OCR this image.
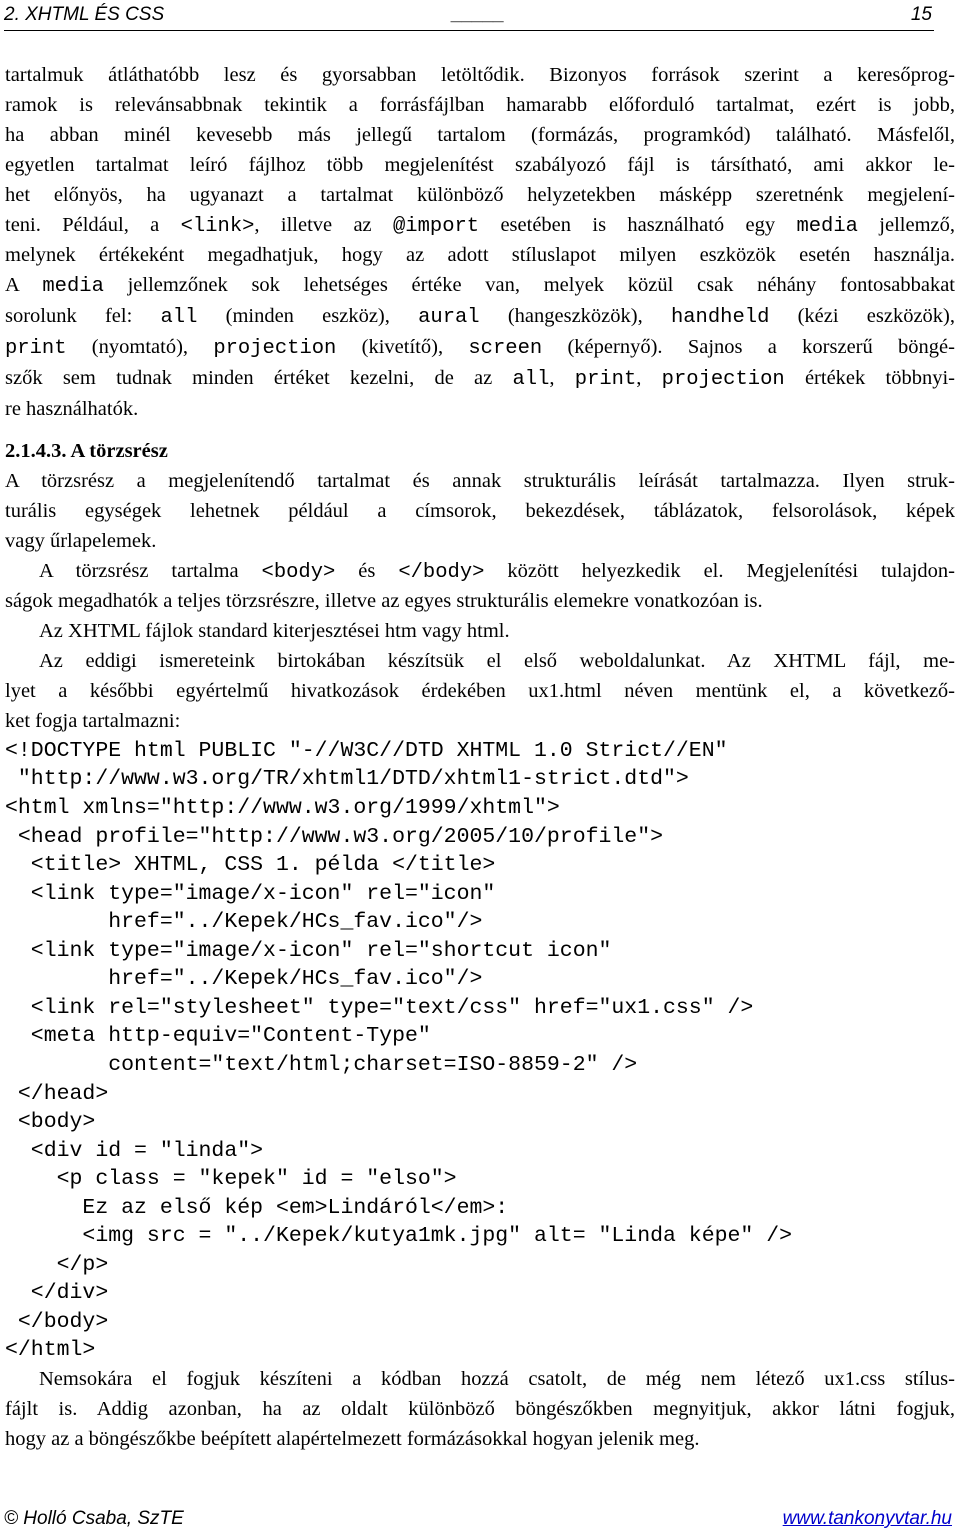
2. XHTML ÉS CSS	_____	15
tartalmuk átláthatóbb lesz és gyorsabban letöltődik. Bizonyos források szerint a keresőprog-
ramok is relevánsabbnak tekintik a forrásfájlban hamarabb előforduló tartalmat, ezért is jobb,
ha abban minél kevesebb más jellegű tartalom (formázás, programkód) található. Másfelől,
egyetlen tartalmat leíró fájlhoz több megjelenítést szabályozó fájl is társítható, ami akkor le-
het előnyös, ha ugyanazt a tartalmat különböző helyzetekben másképp szeretnénk megjelení-
teni. Például, a <link>, illetve az @import esetében is használható egy media jellemző,
melynek értékeként megadhatjuk, hogy az adott stíluslapot milyen eszközök esetén használja.
A media jellemzőnek sok lehetséges értéke van, melyek közül csak néhány fontosabbakat
sorolunk fel: all (minden eszköz), aural (hangeszközök), handheld (kézi eszközök),
print (nyomtató), projection (kivetítő), screen (képernyő). Sajnos a korszerű böngé-
szők sem tudnak minden értéket kezelni, de az all, print, projection értékek többnyi-
re használhatók.
2.1.4.3. A törzsrész
A törzsrész a megjelenítendő tartalmat és annak strukturális leírását tartalmazza. Ilyen struk-
turális egységek lehetnek például a címsorok, bekezdések, táblázatok, felsorolások, képek
vagy űrlapelemek.
A törzsrész tartalma <body> és </body> között helyezkedik el. Megjelenítési tulajdon-
ságok megadhatók a teljes törzsrészre, illetve az egyes strukturális elemekre vonatkozóan is.
Az XHTML fájlok standard kiterjesztései htm vagy html.
Az eddigi ismereteink birtokában készítsük el első weboldalunkat. Az XHTML fájl, me-
lyet a későbbi egyértelmű hivatkozások érdekében ux1.html néven mentünk el, a következő-
ket fogja tartalmazni:
<!DOCTYPE html PUBLIC "-//W3C//DTD XHTML 1.0 Strict//EN"
"http://www.w3.org/TR/xhtml1/DTD/xhtml1-strict.dtd">
<html xmlns="http://www.w3.org/1999/xhtml">
<head profile="http://www.w3.org/2005/10/profile">
<title> XHTML, CSS 1. példa </title>
<link type="image/x-icon" rel="icon"
href="../Kepek/HCs_fav.ico"/>
<link type="image/x-icon" rel="shortcut icon"
href="../Kepek/HCs_fav.ico"/>
<link rel="stylesheet" type="text/css" href="ux1.css" />
<meta http-equiv="Content-Type"
content="text/html;charset=ISO-8859-2" />
</head>
<body>
<div id = "linda">
<p class = "kepek" id = "elso">
Ez az első kép <em>Lindáról</em>:
<img src = "../Kepek/kutya1mk.jpg" alt= "Linda képe" />
</p>
</div>
</body>
</html>
Nemsokára el fogjuk készíteni a kódban hozzá csatolt, de még nem létező ux1.css stílus-
fájlt is. Addig azonban, ha az oldalt különböző böngészőkben megnyitjuk, akkor látni fogjuk,
hogy az a böngészőkbe beépített alapértelmezett formázásokkal hogyan jelenik meg.
© Holló Csaba, SzTE	www.tankonyvtar.hu
